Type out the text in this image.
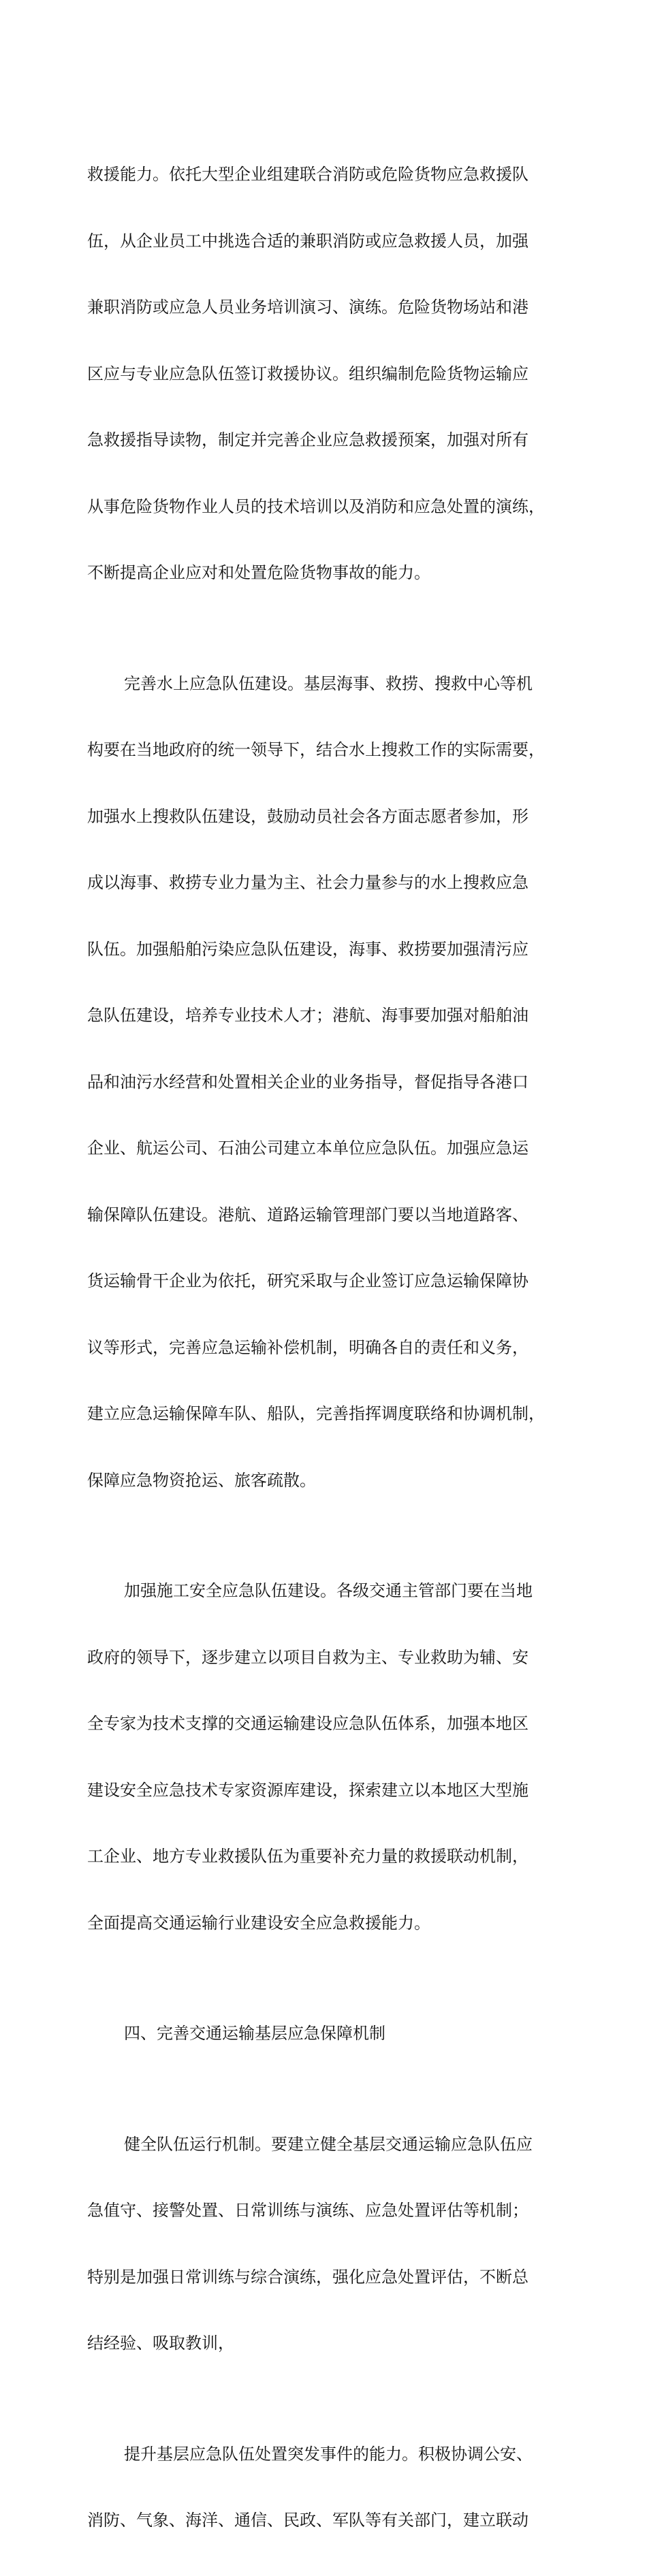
救援能力。依托大型企业组建联合消防或危险货物应急救援队

伍，从企业员工中挑选合适的兼职消防或应急救援人员，加强

兼职消防或应急人员业务培训演习、演练。危险货物场站和港

区应与专业应急队伍签订救援协议。组织编制危险货物运输应

急救援指导读物，制定并完善企业应急救援预案，加强对所有

从事危险货物作业人员的技术培训以及消防和应急处置的演练，

不断提高企业应对和处置危险货物事故的能力。

完善水上应急队伍建设。基层海事、救捞、搜救中心等机

构要在当地政府的统一领导下，结合水上搜救工作的实际需要，

加强水上搜救队伍建设，鼓励动员社会各方面志愿者参加，形

成以海事、救捞专业力量为主、社会力量参与的水上搜救应急

队伍。加强船舶污染应急队伍建设，海事、救捞要加强清污应

急队伍建设，培养专业技术人才；港航、海事要加强对船舶油

品和油污水经营和处置相关企业的业务指导，督促指导各港口

企业、航运公司、石油公司建立本单位应急队伍。加强应急运

输保障队伍建设。港航、道路运输管理部门要以当地道路客、

货运输骨干企业为依托，研究采取与企业签订应急运输保障协

议等形式，完善应急运输补偿机制，明确各自的责任和义务，

建立应急运输保障车队、船队，完善指挥调度联络和协调机制，

保障应急物资抢运、旅客疏散。

加强施工安全应急队伍建设。各级交通主管部门要在当地

政府的领导下，逐步建立以项目自救为主、专业救助为辅、安

全专家为技术支撑的交通运输建设应急队伍体系，加强本地区

建设安全应急技术专家资源库建设，探索建立以本地区大型施

工企业、地方专业救援队伍为重要补充力量的救援联动机制，

全面提高交通运输行业建设安全应急救援能力。

四、完善交通运输基层应急保障机制

健全队伍运行机制。要建立健全基层交通运输应急队伍应

急值守、接警处置、日常训练与演练、应急处置评估等机制；

特别是加强日常训练与综合演练，强化应急处置评估，不断总

结经验、吸取教训，

提升基层应急队伍处置突发事件的能力。积极协调公安、

消防、气象、海洋、通信、民政、军队等有关部门，建立联动
